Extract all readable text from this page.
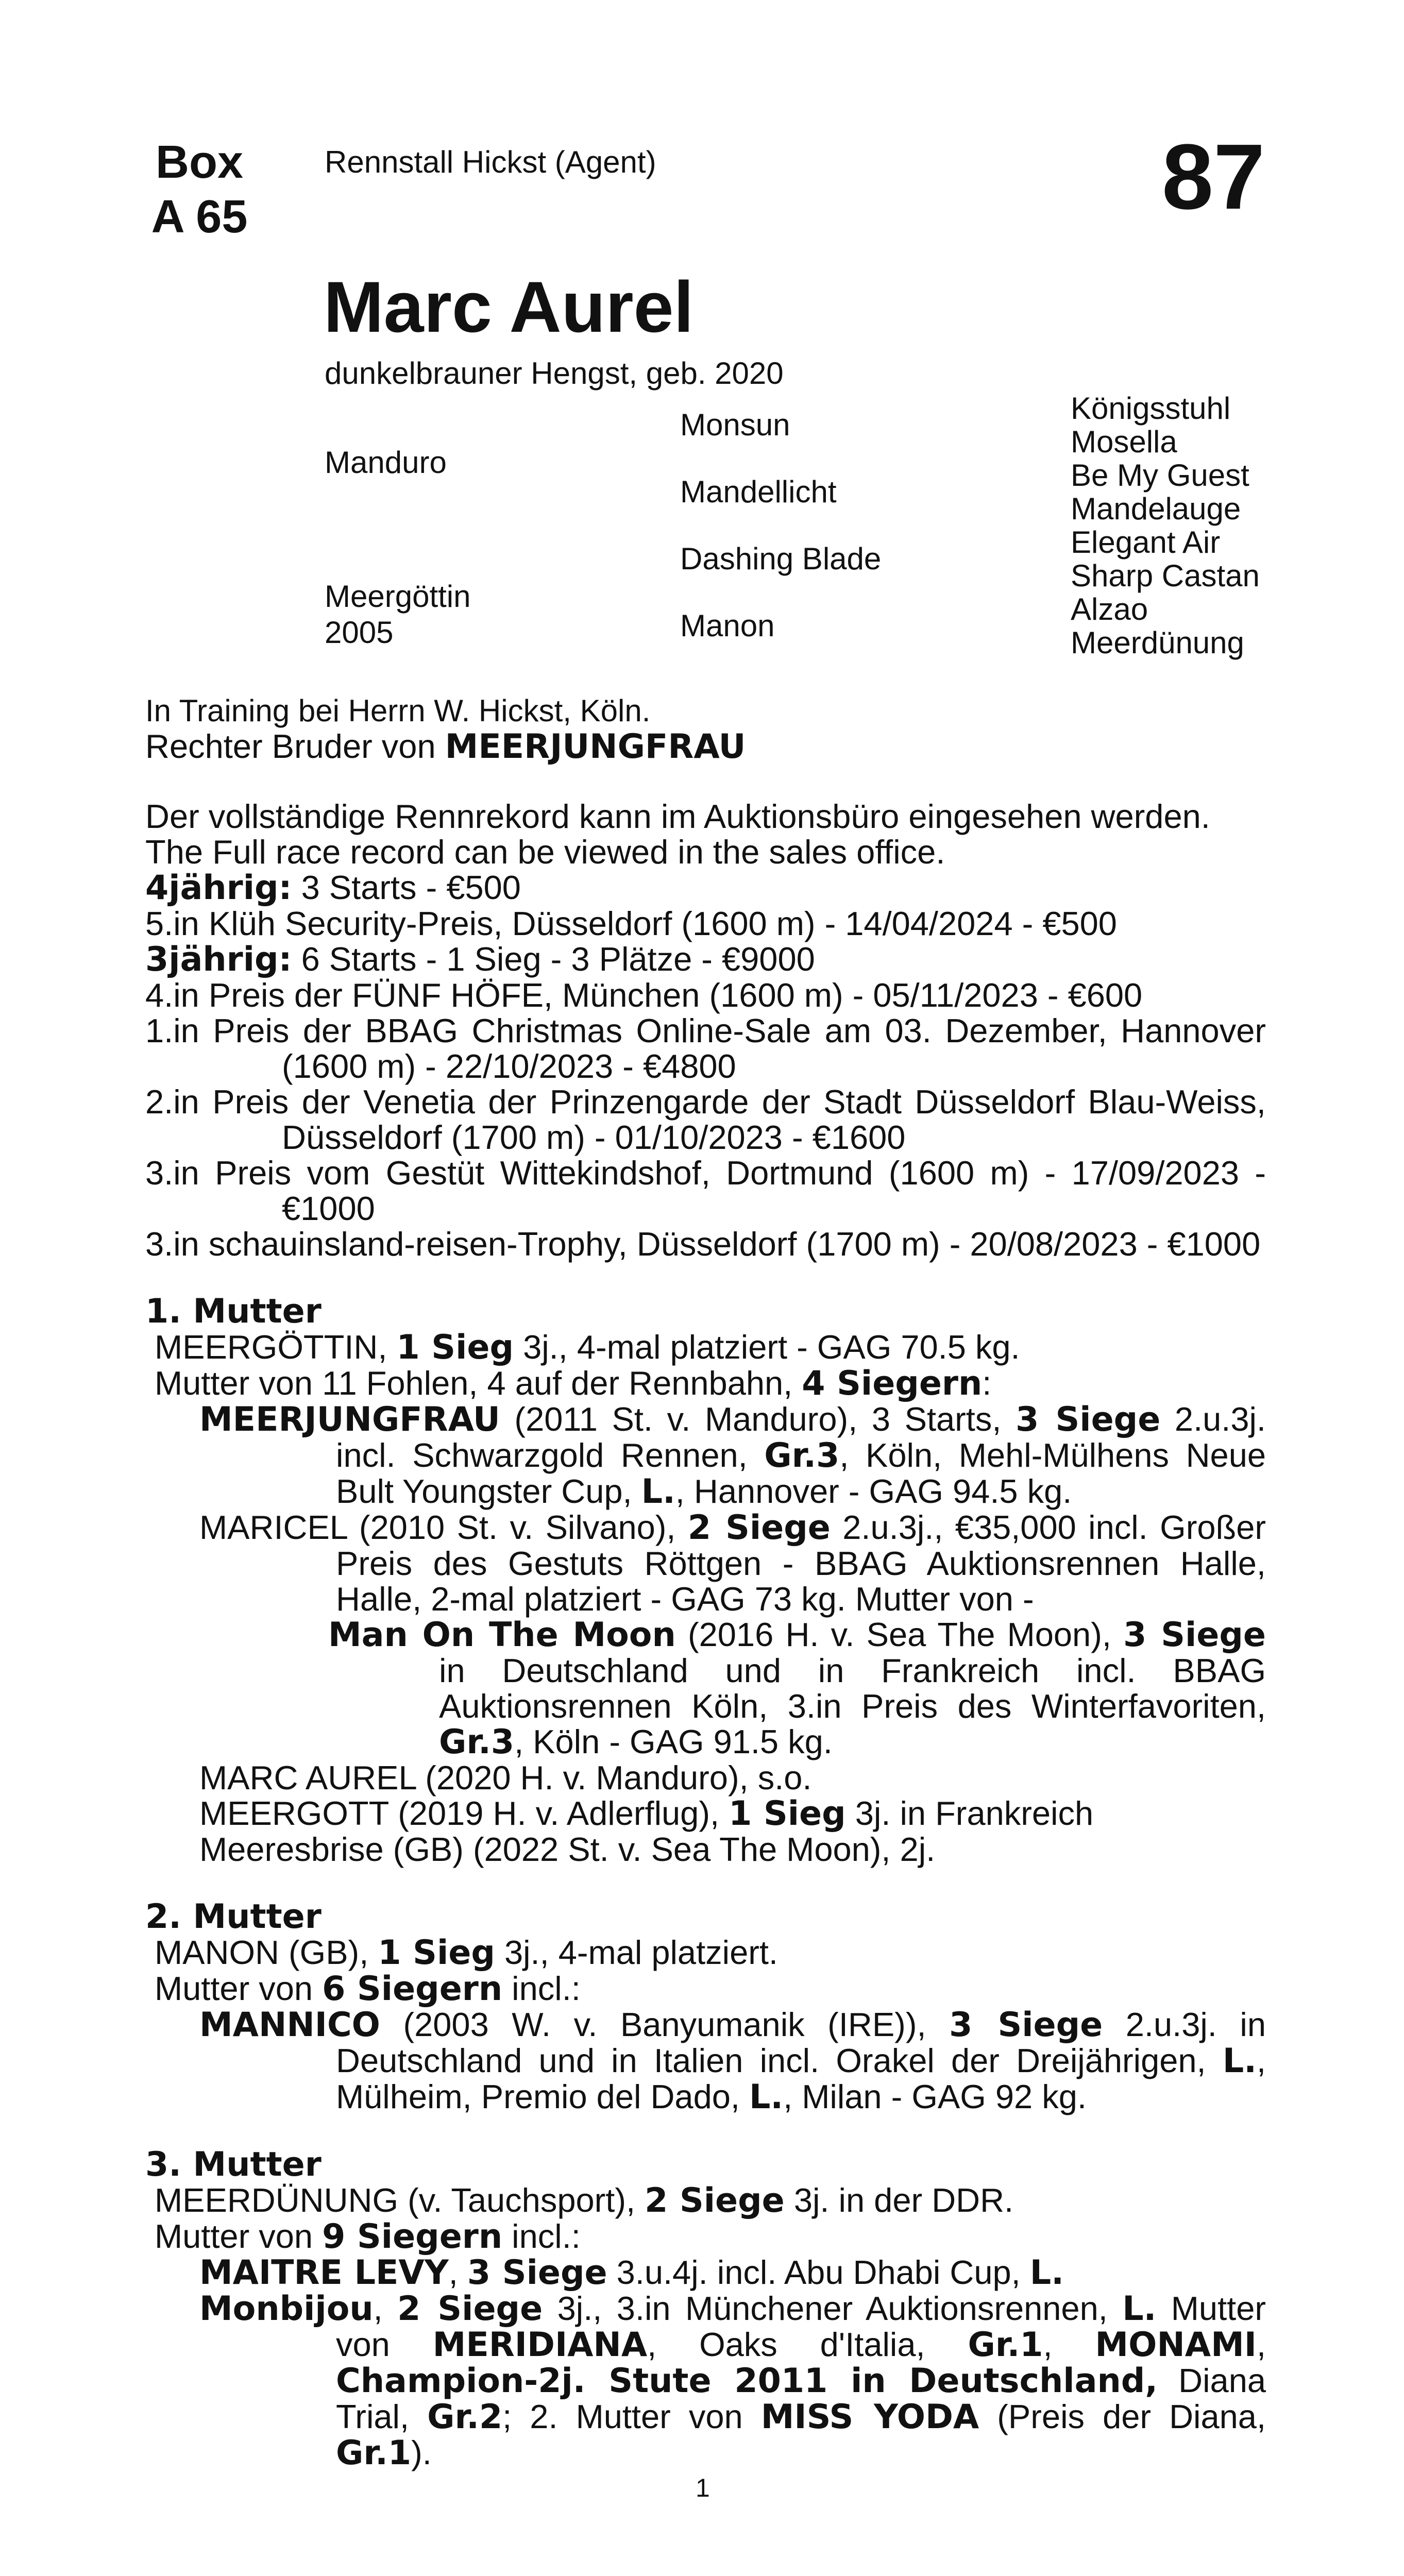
Box
A 65
Rennstall Hickst (Agent)	87
Marc Aurel
dunkelbrauner Hengst, geb. 2020
Manduro
Meergöttin
2005
Monsun
Mandellicht
Dashing Blade
Manon
Königsstuhl
Mosella
Be My Guest
Mandelauge
Elegant Air
Sharp Castan
Alzao
Meerdünung

In Training bei Herrn W. Hickst, Köln.

Rechter Bruder von MEERJUNGFRAU

Der vollständige Rennrekord kann im Auktionsbüro eingesehen werden.

The Full race record can be viewed in the sales office.

4jährig: 3 Starts - €500

5.in Klüh Security-Preis, Düsseldorf (1600 m) - 14/04/2024 - €500

3jährig: 6 Starts - 1 Sieg - 3 Plätze - €9000

4.in Preis der FÜNF HÖFE, München (1600 m) - 05/11/2023 - €600

1.in Preis der BBAG Christmas Online-Sale am 03. Dezember, Hannover (1600 m) - 22/10/2023 - €4800

2.in Preis der Venetia der Prinzengarde der Stadt Düsseldorf Blau-Weiss, Düsseldorf (1700 m) - 01/10/2023 - €1600

3.in Preis vom Gestüt Wittekindshof, Dortmund (1600 m) - 17/09/2023 - €1000

3.in schauinsland-reisen-Trophy, Düsseldorf (1700 m) - 20/08/2023 - €1000

1. Mutter

MEERGÖTTIN, 1 Sieg 3j., 4-mal platziert - GAG 70.5 kg.

Mutter von 11 Fohlen, 4 auf der Rennbahn, 4 Siegern:

MEERJUNGFRAU (2011 St. v. Manduro), 3 Starts, 3 Siege 2.u.3j. incl. Schwarzgold Rennen, Gr.3, Köln, Mehl-Mülhens Neue Bult Youngster Cup, L., Hannover - GAG 94.5 kg.

MARICEL (2010 St. v. Silvano), 2 Siege 2.u.3j., €35,000 incl. Großer Preis des Gestuts Röttgen - BBAG Auktionsrennen Halle, Halle, 2-mal platziert - GAG 73 kg. Mutter von -

Man On The Moon (2016 H. v. Sea The Moon), 3 Siege in Deutschland und in Frankreich incl. BBAG Auktionsrennen Köln, 3.in Preis des Winterfavoriten, Gr.3, Köln - GAG 91.5 kg.

MARC AUREL (2020 H. v. Manduro), s.o.

MEERGOTT (2019 H. v. Adlerflug), 1 Sieg 3j. in Frankreich

Meeresbrise (GB) (2022 St. v. Sea The Moon), 2j.

2. Mutter

MANON (GB), 1 Sieg 3j., 4-mal platziert.

Mutter von 6 Siegern incl.:

MANNICO (2003 W. v. Banyumanik (IRE)), 3 Siege 2.u.3j. in Deutschland und in Italien incl. Orakel der Dreijährigen, L., Mülheim, Premio del Dado, L., Milan - GAG 92 kg.

3. Mutter

MEERDÜNUNG (v. Tauchsport), 2 Siege 3j. in der DDR.

Mutter von 9 Siegern incl.:

MAITRE LEVY, 3 Siege 3.u.4j. incl. Abu Dhabi Cup, L.

Monbijou, 2 Siege 3j., 3.in Münchener Auktionsrennen, L. Mutter von MERIDIANA, Oaks d'Italia, Gr.1, MONAMI, Champion-2j. Stute 2011 in Deutschland, Diana Trial, Gr.2; 2. Mutter von MISS YODA (Preis der Diana, Gr.1).

1
